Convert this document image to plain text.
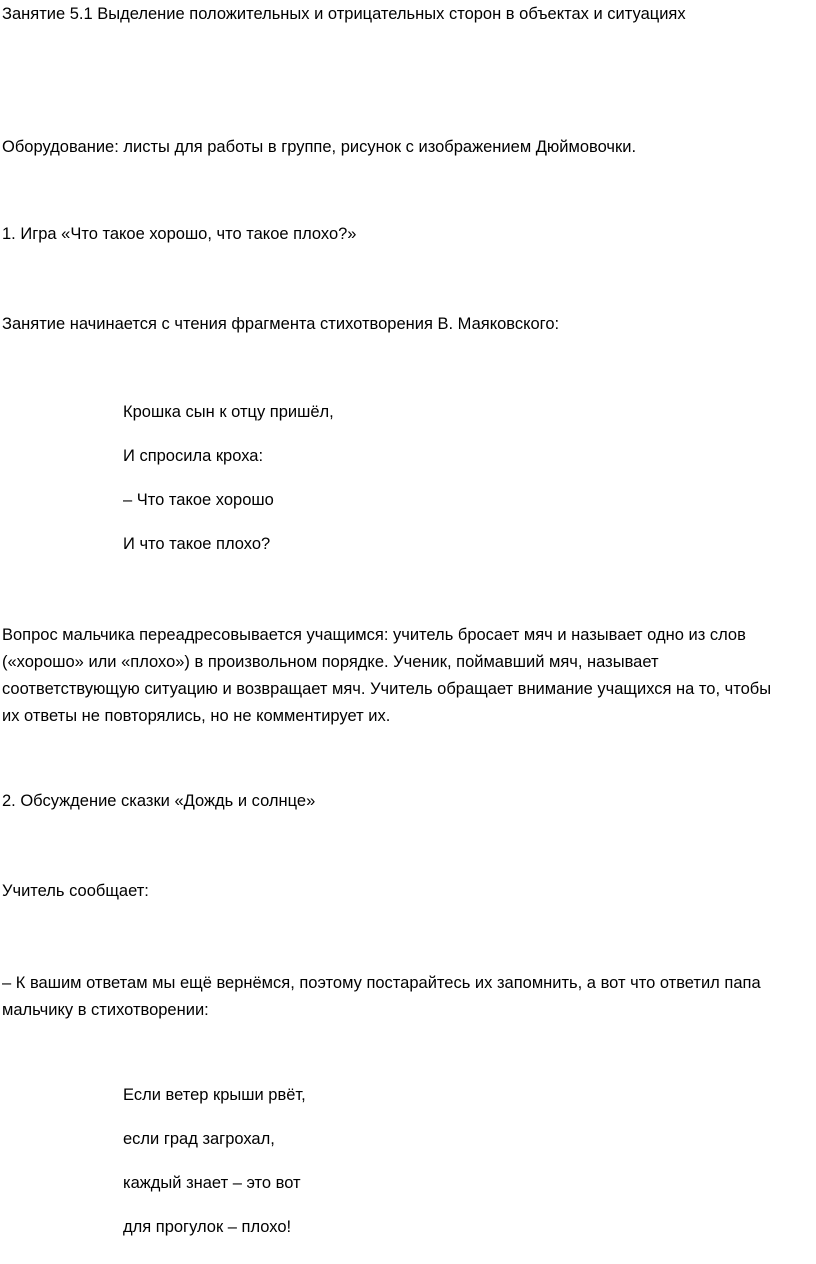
Занятие 5.1 Выделение положительных и отрицательных сторон в объектах и ситуациях
Оборудование: листы для работы в группе, рисунок с изображением Дюймовочки.
1. Игра «Что такое хорошо, что такое плохо?»
Занятие начинается с чтения фрагмента стихотворения В. Маяковского:
Крошка сын к отцу пришёл,
И спросила кроха:
– Что такое хорошо
И что такое плохо?
Вопрос мальчика переадресовывается учащимся: учитель бросает мяч и называет одно из слов
(«хорошо» или «плохо») в произвольном порядке. Ученик, поймавший мяч, называет
соответствующую ситуацию и возвращает мяч. Учитель обращает внимание учащихся на то, чтобы
их ответы не повторялись, но не комментирует их.
2. Обсуждение сказки «Дождь и солнце»
Учитель сообщает:
– К вашим ответам мы ещё вернёмся, поэтому постарайтесь их запомнить, а вот что ответил папа
мальчику в стихотворении:
Если ветер крыши рвёт,
если град загрохал,
каждый знает – это вот
для прогулок – плохо!
